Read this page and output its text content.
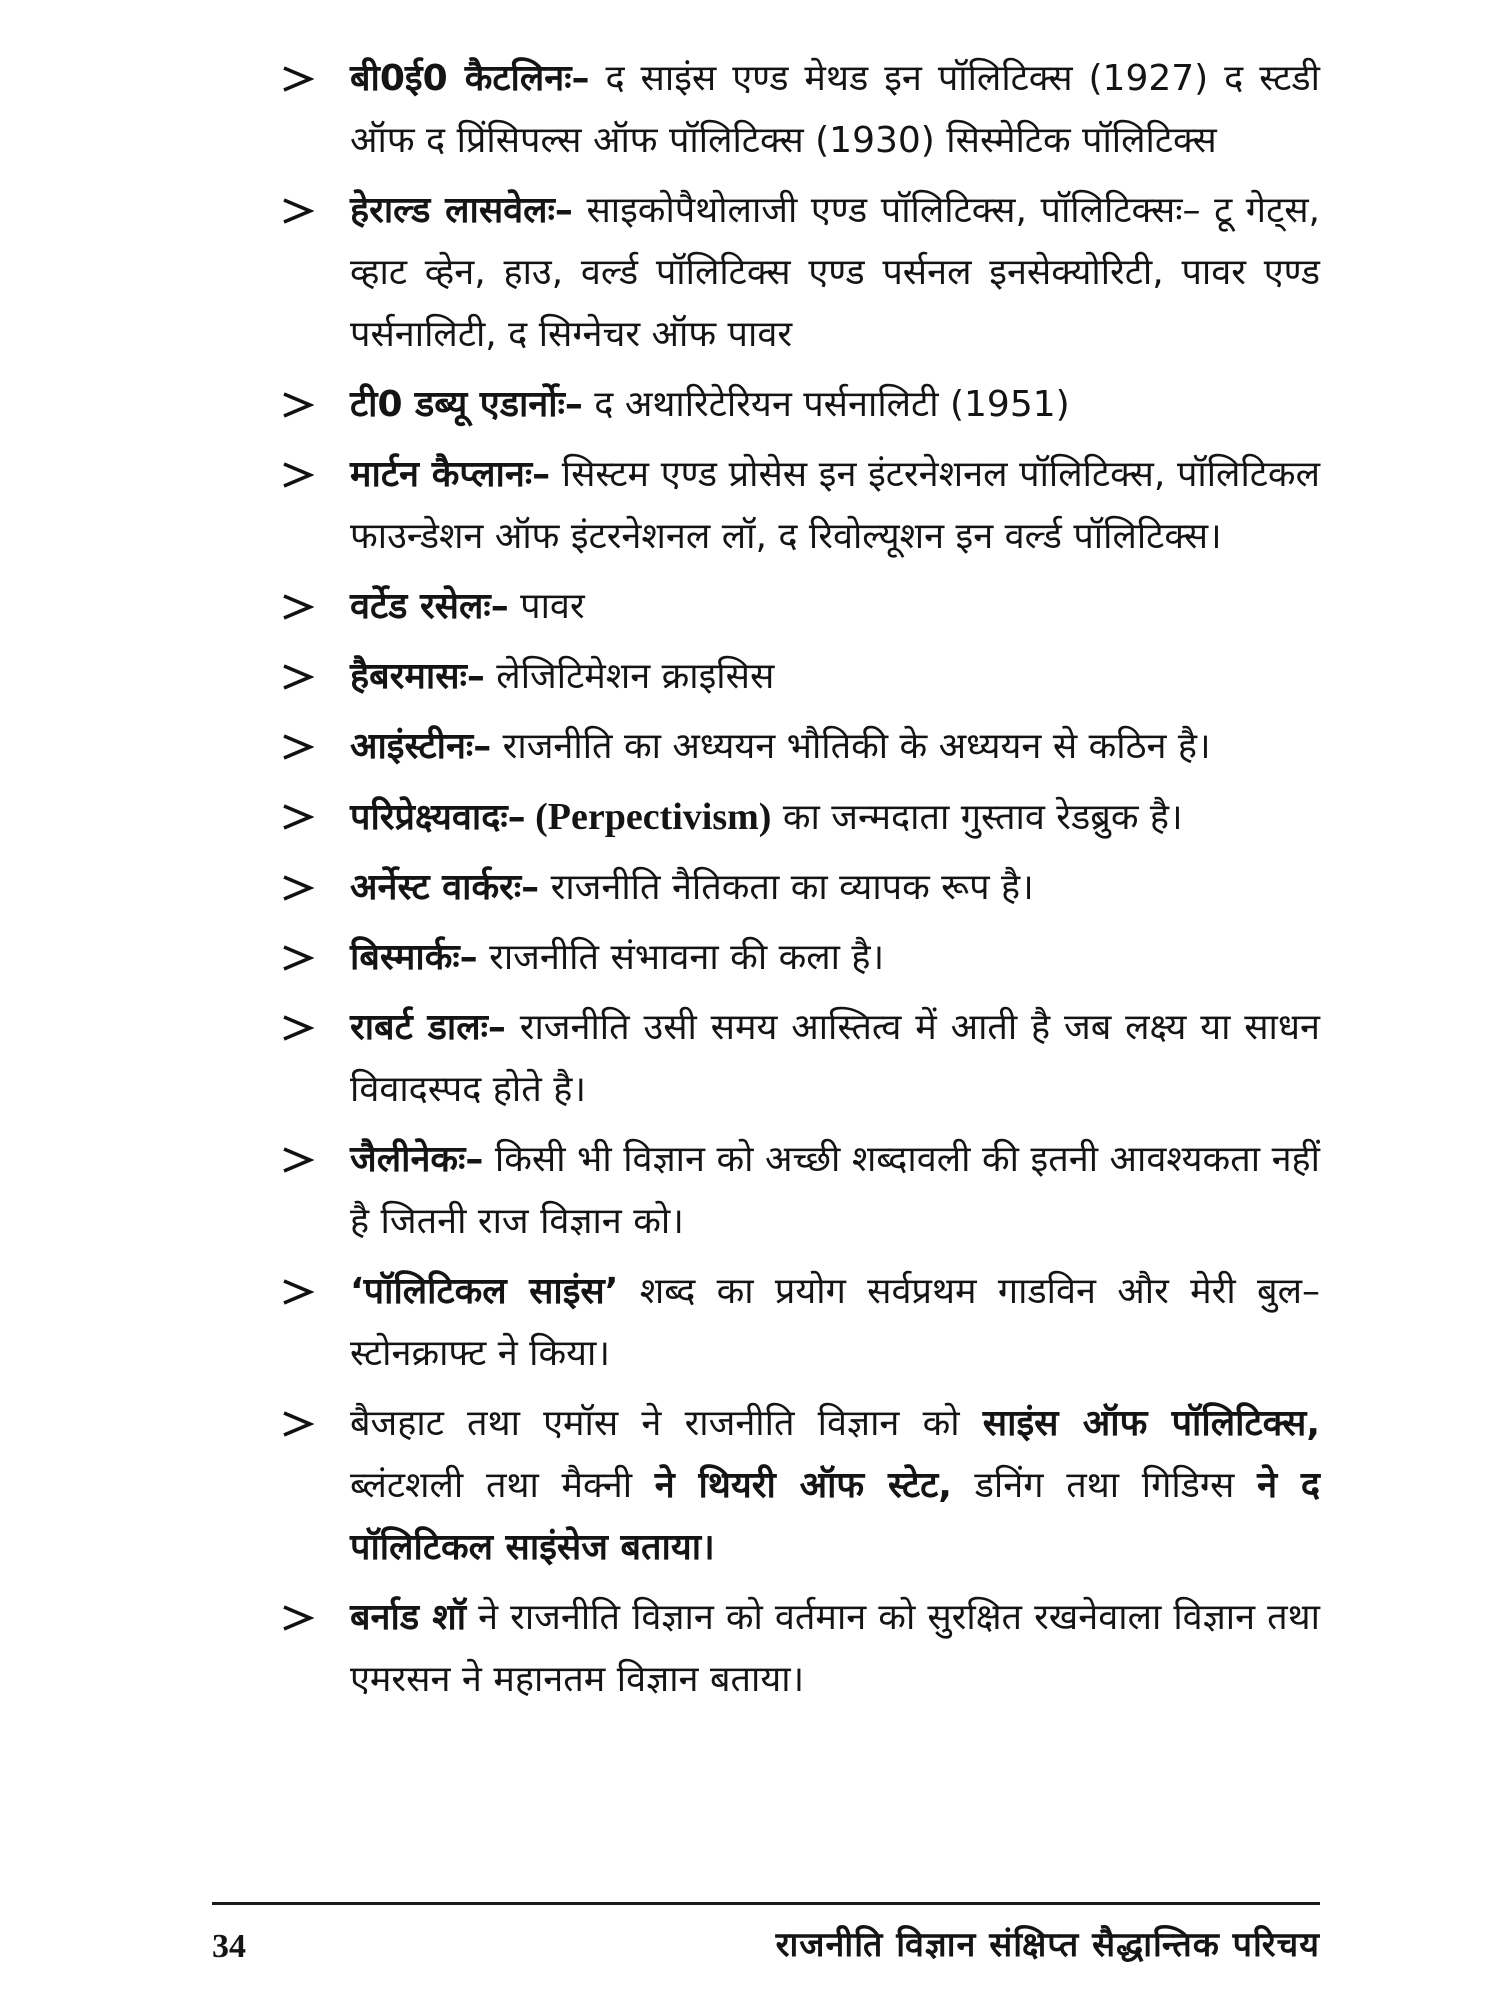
बी0ई0 कैटलिनः– द साइंस एण्ड मेथड इन पॉलिटिक्स (1927) द स्टडी ऑफ द प्रिंसिपल्स ऑफ पॉलिटिक्स (1930) सिस्मेटिक पॉलिटिक्स
हेराल्ड लासवेलः– साइकोपैथोलाजी एण्ड पॉलिटिक्स, पॉलिटिक्सः– टू गेट्स, व्हाट व्हेन, हाउ, वर्ल्ड पॉलिटिक्स एण्ड पर्सनल इनसेक्योरिटी, पावर एण्ड पर्सनालिटी, द सिग्नेचर ऑफ पावर
टी0 डब्यू एडार्नोः– द अथारिटेरियन पर्सनालिटी (1951)
मार्टन कैप्लानः– सिस्टम एण्ड प्रोसेस इन इंटरनेशनल पॉलिटिक्स, पॉलिटिकल फाउन्डेशन ऑफ इंटरनेशनल लॉ, द रिवोल्यूशन इन वर्ल्ड पॉलिटिक्स।
वर्टेड रसेलः– पावर
हैबरमासः– लेजिटिमेशन क्राइसिस
आइंस्टीनः– राजनीति का अध्ययन भौतिकी के अध्ययन से कठिन है।
परिप्रेक्ष्यवादः– (Perpectivism) का जन्मदाता गुस्ताव रेडब्रुक है।
अर्नेस्ट वार्करः– राजनीति नैतिकता का व्यापक रूप है।
बिस्मार्कः– राजनीति संभावना की कला है।
राबर्ट डालः– राजनीति उसी समय आस्तित्व में आती है जब लक्ष्य या साधन विवादस्पद होते है।
जैलीनेकः– किसी भी विज्ञान को अच्छी शब्दावली की इतनी आवश्यकता नहीं है जितनी राज विज्ञान को।
‘पॉलिटिकल साइंस’ शब्द का प्रयोग सर्वप्रथम गाडविन और मेरी बुल–स्टोनक्राफ्ट ने किया।
बैजहाट तथा एमॉस ने राजनीति विज्ञान को साइंस ऑफ पॉलिटिक्स, ब्लंटशली तथा मैक्नी ने थियरी ऑफ स्टेट, डनिंग तथा गिडिग्स ने द पॉलिटिकल साइंसेज बताया।
बर्नाड शॉ ने राजनीति विज्ञान को वर्तमान को सुरक्षित रखनेवाला विज्ञान तथा एमरसन ने महानतम विज्ञान बताया।
34	राजनीति विज्ञान संक्षिप्त सैद्धान्तिक परिचय
